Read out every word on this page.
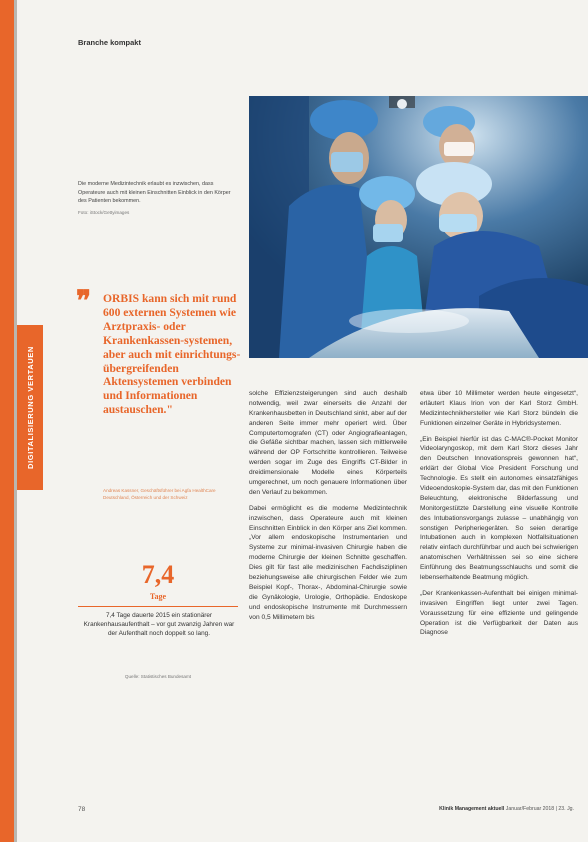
DIGITALISIERUNG VERTAUEN
Branche kompakt
Die moderne Medizintechnik erlaubt es inzwischen, dass Operateure auch mit kleinen Einschnitten Einblick in den Körper des Patienten bekommen.
Foto: iStock/Gettyimages
❞ ORBIS kann sich mit rund 600 externen Systemen wie Arztpraxis- oder Krankenkassen-systemen, aber auch mit einrichtungs-übergreifenden Aktensystemen verbinden und Informationen austauschen."
Andreas Kassner, Geschäftsführer bei Agfa HealthCare Deutschland, Österreich und der Schweiz
7,4
Tage
7,4 Tage dauerte 2015 ein stationärer Krankenhausaufenthalt – vor gut zwanzig Jahren war der Aufenthalt noch doppelt so lang.
Quelle: Statistisches Bundesamt

solche Effizienzsteigerungen sind auch deshalb notwendig, weil zwar einerseits die Anzahl der Krankenhausbetten in Deutschland sinkt, aber auf der anderen Seite immer mehr operiert wird. Über Computertomografen (CT) oder Angiografieanlagen, die Gefäße sichtbar machen, lassen sich mittlerweile während der OP Fortschritte kontrollieren. Teilweise werden sogar im Zuge des Eingriffs CT-Bilder in dreidimensionale Modelle eines Körperteils umgerechnet, um noch genauere Informationen über den Verlauf zu bekommen.

Dabei ermöglicht es die moderne Medizintechnik inzwischen, dass Operateure auch mit kleinen Einschnitten Einblick in den Körper ans Ziel kommen. „Vor allem endoskopische Instrumentarien und Systeme zur minimal-invasiven Chirurgie haben die moderne Chirurgie der kleinen Schnitte geschaffen. Dies gilt für fast alle medizinischen Fachdisziplinen beziehungsweise alle chirurgischen Felder wie zum Beispiel Kopf-, Thorax-, Abdominal-Chirurgie sowie die Gynäkologie, Urologie, Orthopädie. Endoskope und endoskopische Instrumente mit Durchmessern von 0,5 Millimetern bis

etwa über 10 Millimeter werden heute eingesetzt“, erläutert Klaus Irion von der Karl Storz GmbH. Medizintechnikhersteller wie Karl Storz bündeln die Funktionen einzelner Geräte in Hybridsystemen.

„Ein Beispiel hierfür ist das C-MAC®-Pocket Monitor Videolaryngoskop, mit dem Karl Storz dieses Jahr den Deutschen Innovationspreis gewonnen hat“, erklärt der Global Vice President Forschung und Technologie. Es stellt ein autonomes einsatzfähiges Videoendoskopie-System dar, das mit den Funktionen Beleuchtung, elektronische Bilderfassung und Monitorgestützte Darstellung eine visuelle Kontrolle des Intubationsvorgangs zulasse – unabhängig von sonstigen Peripheriegeräten. So seien derartige Intubationen auch in komplexen Notfallsituationen relativ einfach durchführbar und auch bei schwierigen anatomischen Verhältnissen sei so eine sichere Einführung des Beatmungsschlauchs und somit die lebenserhaltende Beatmung möglich.

„Der Krankenkassen-Aufenthalt bei einigen minimal-invasiven Eingriffen liegt unter zwei Tagen. Voraussetzung für eine effiziente und gelingende Operation ist die Verfügbarkeit der Daten aus Diagnose

78	Klinik Management aktuell Januar/Februar 2018 | 23. Jg.
